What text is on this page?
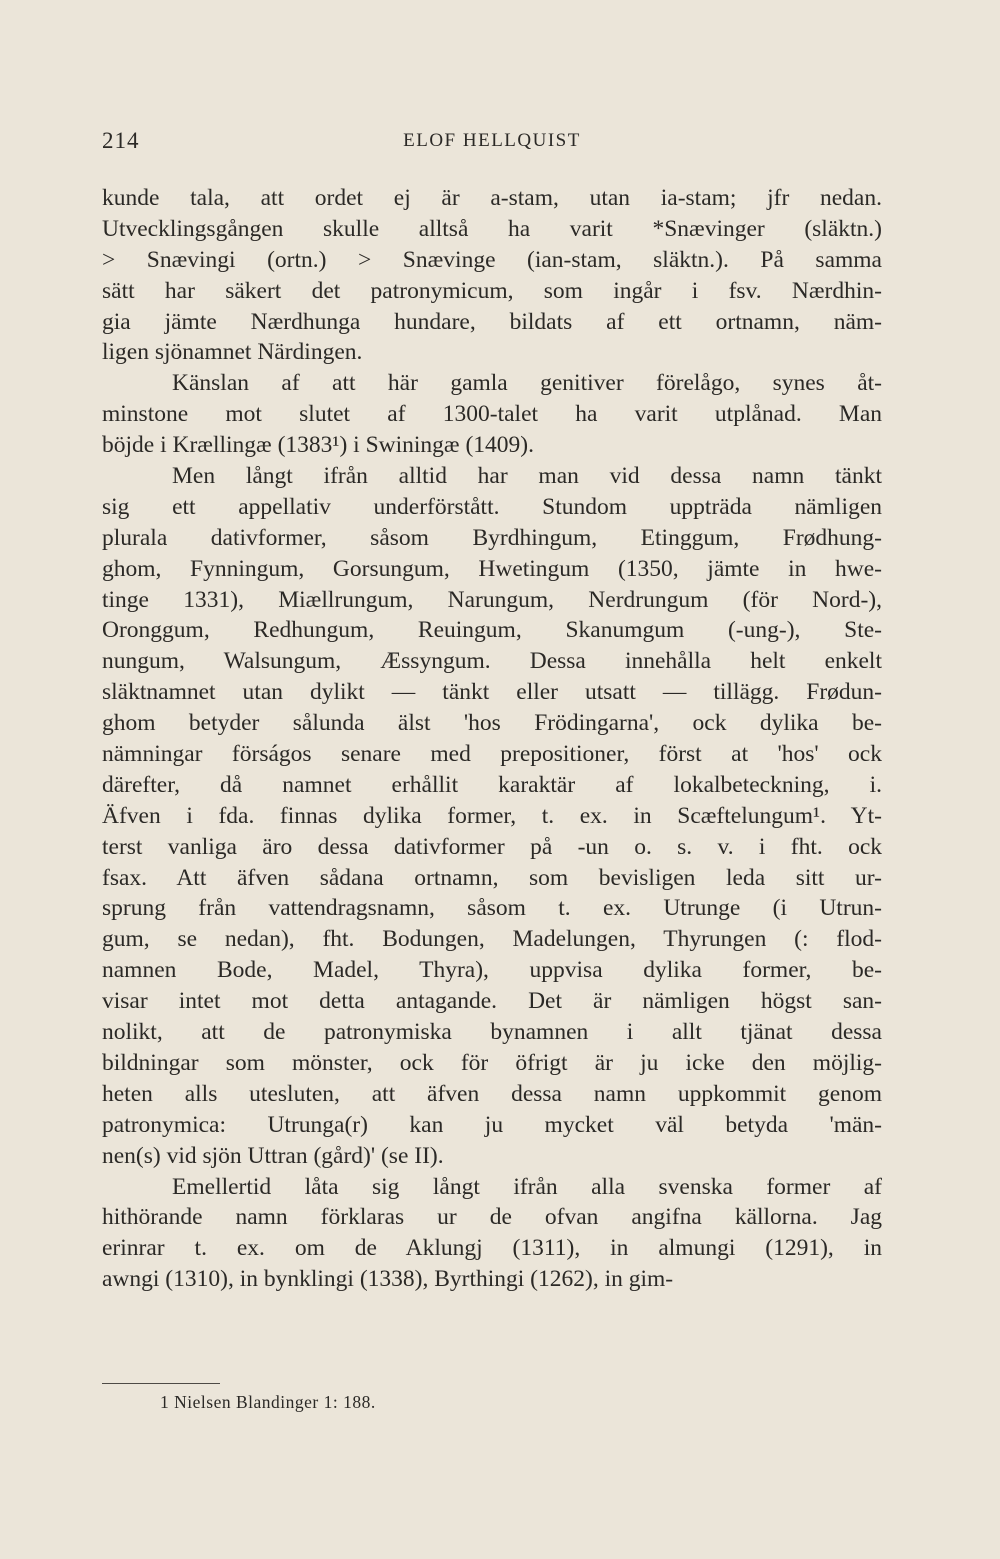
214	ELOF HELLQUIST
kunde tala, att ordet ej är a-stam, utan ia-stam; jfr nedan.
Utvecklingsgången skulle alltså ha varit *Snævinger (släktn.)
> Snævingi (ortn.) > Snævinge (ian-stam, släktn.). På samma
sätt har säkert det patronymicum, som ingår i fsv. Nærdhin-
gia jämte Nærdhunga hundare, bildats af ett ortnamn, näm-
ligen sjönamnet Närdingen.
Känslan af att här gamla genitiver förelågo, synes åt-
minstone mot slutet af 1300-talet ha varit utplånad. Man
böjde i Krællingæ (1383¹) i Swiningæ (1409).
Men långt ifrån alltid har man vid dessa namn tänkt
sig ett appellativ underförstått. Stundom uppträda nämligen
plurala dativformer, såsom Byrdhingum, Etinggum, Frødhung-
ghom, Fynningum, Gorsungum, Hwetingum (1350, jämte in hwe-
tinge 1331), Miællrungum, Narungum, Nerdrungum (för Nord-),
Oronggum, Redhungum, Reuingum, Skanumgum (-ung-), Ste-
nungum, Walsungum, Æssyngum. Dessa innehålla helt enkelt
släktnamnet utan dylikt — tänkt eller utsatt — tillägg. Frødun-
ghom betyder sålunda älst 'hos Frödingarna', ock dylika be-
nämningar förságos senare med prepositioner, först at 'hos' ock
därefter, då namnet erhållit karaktär af lokalbeteckning, i.
Äfven i fda. finnas dylika former, t. ex. in Scæftelungum¹. Yt-
terst vanliga äro dessa dativformer på -un o. s. v. i fht. ock
fsax. Att äfven sådana ortnamn, som bevisligen leda sitt ur-
sprung från vattendragsnamn, såsom t. ex. Utrunge (i Utrun-
gum, se nedan), fht. Bodungen, Madelungen, Thyrungen (: flod-
namnen Bode, Madel, Thyra), uppvisa dylika former, be-
visar intet mot detta antagande. Det är nämligen högst san-
nolikt, att de patronymiska bynamnen i allt tjänat dessa
bildningar som mönster, ock för öfrigt är ju icke den möjlig-
heten alls utesluten, att äfven dessa namn uppkommit genom
patronymica: Utrunga(r) kan ju mycket väl betyda 'män-
nen(s) vid sjön Uttran (gård)' (se II).
Emellertid låta sig långt ifrån alla svenska former af
hithörande namn förklaras ur de ofvan angifna källorna. Jag
erinrar t. ex. om de Aklungj (1311), in almungi (1291), in
awngi (1310), in bynklingi (1338), Byrthingi (1262), in gim-
1 Nielsen Blandinger 1: 188.
